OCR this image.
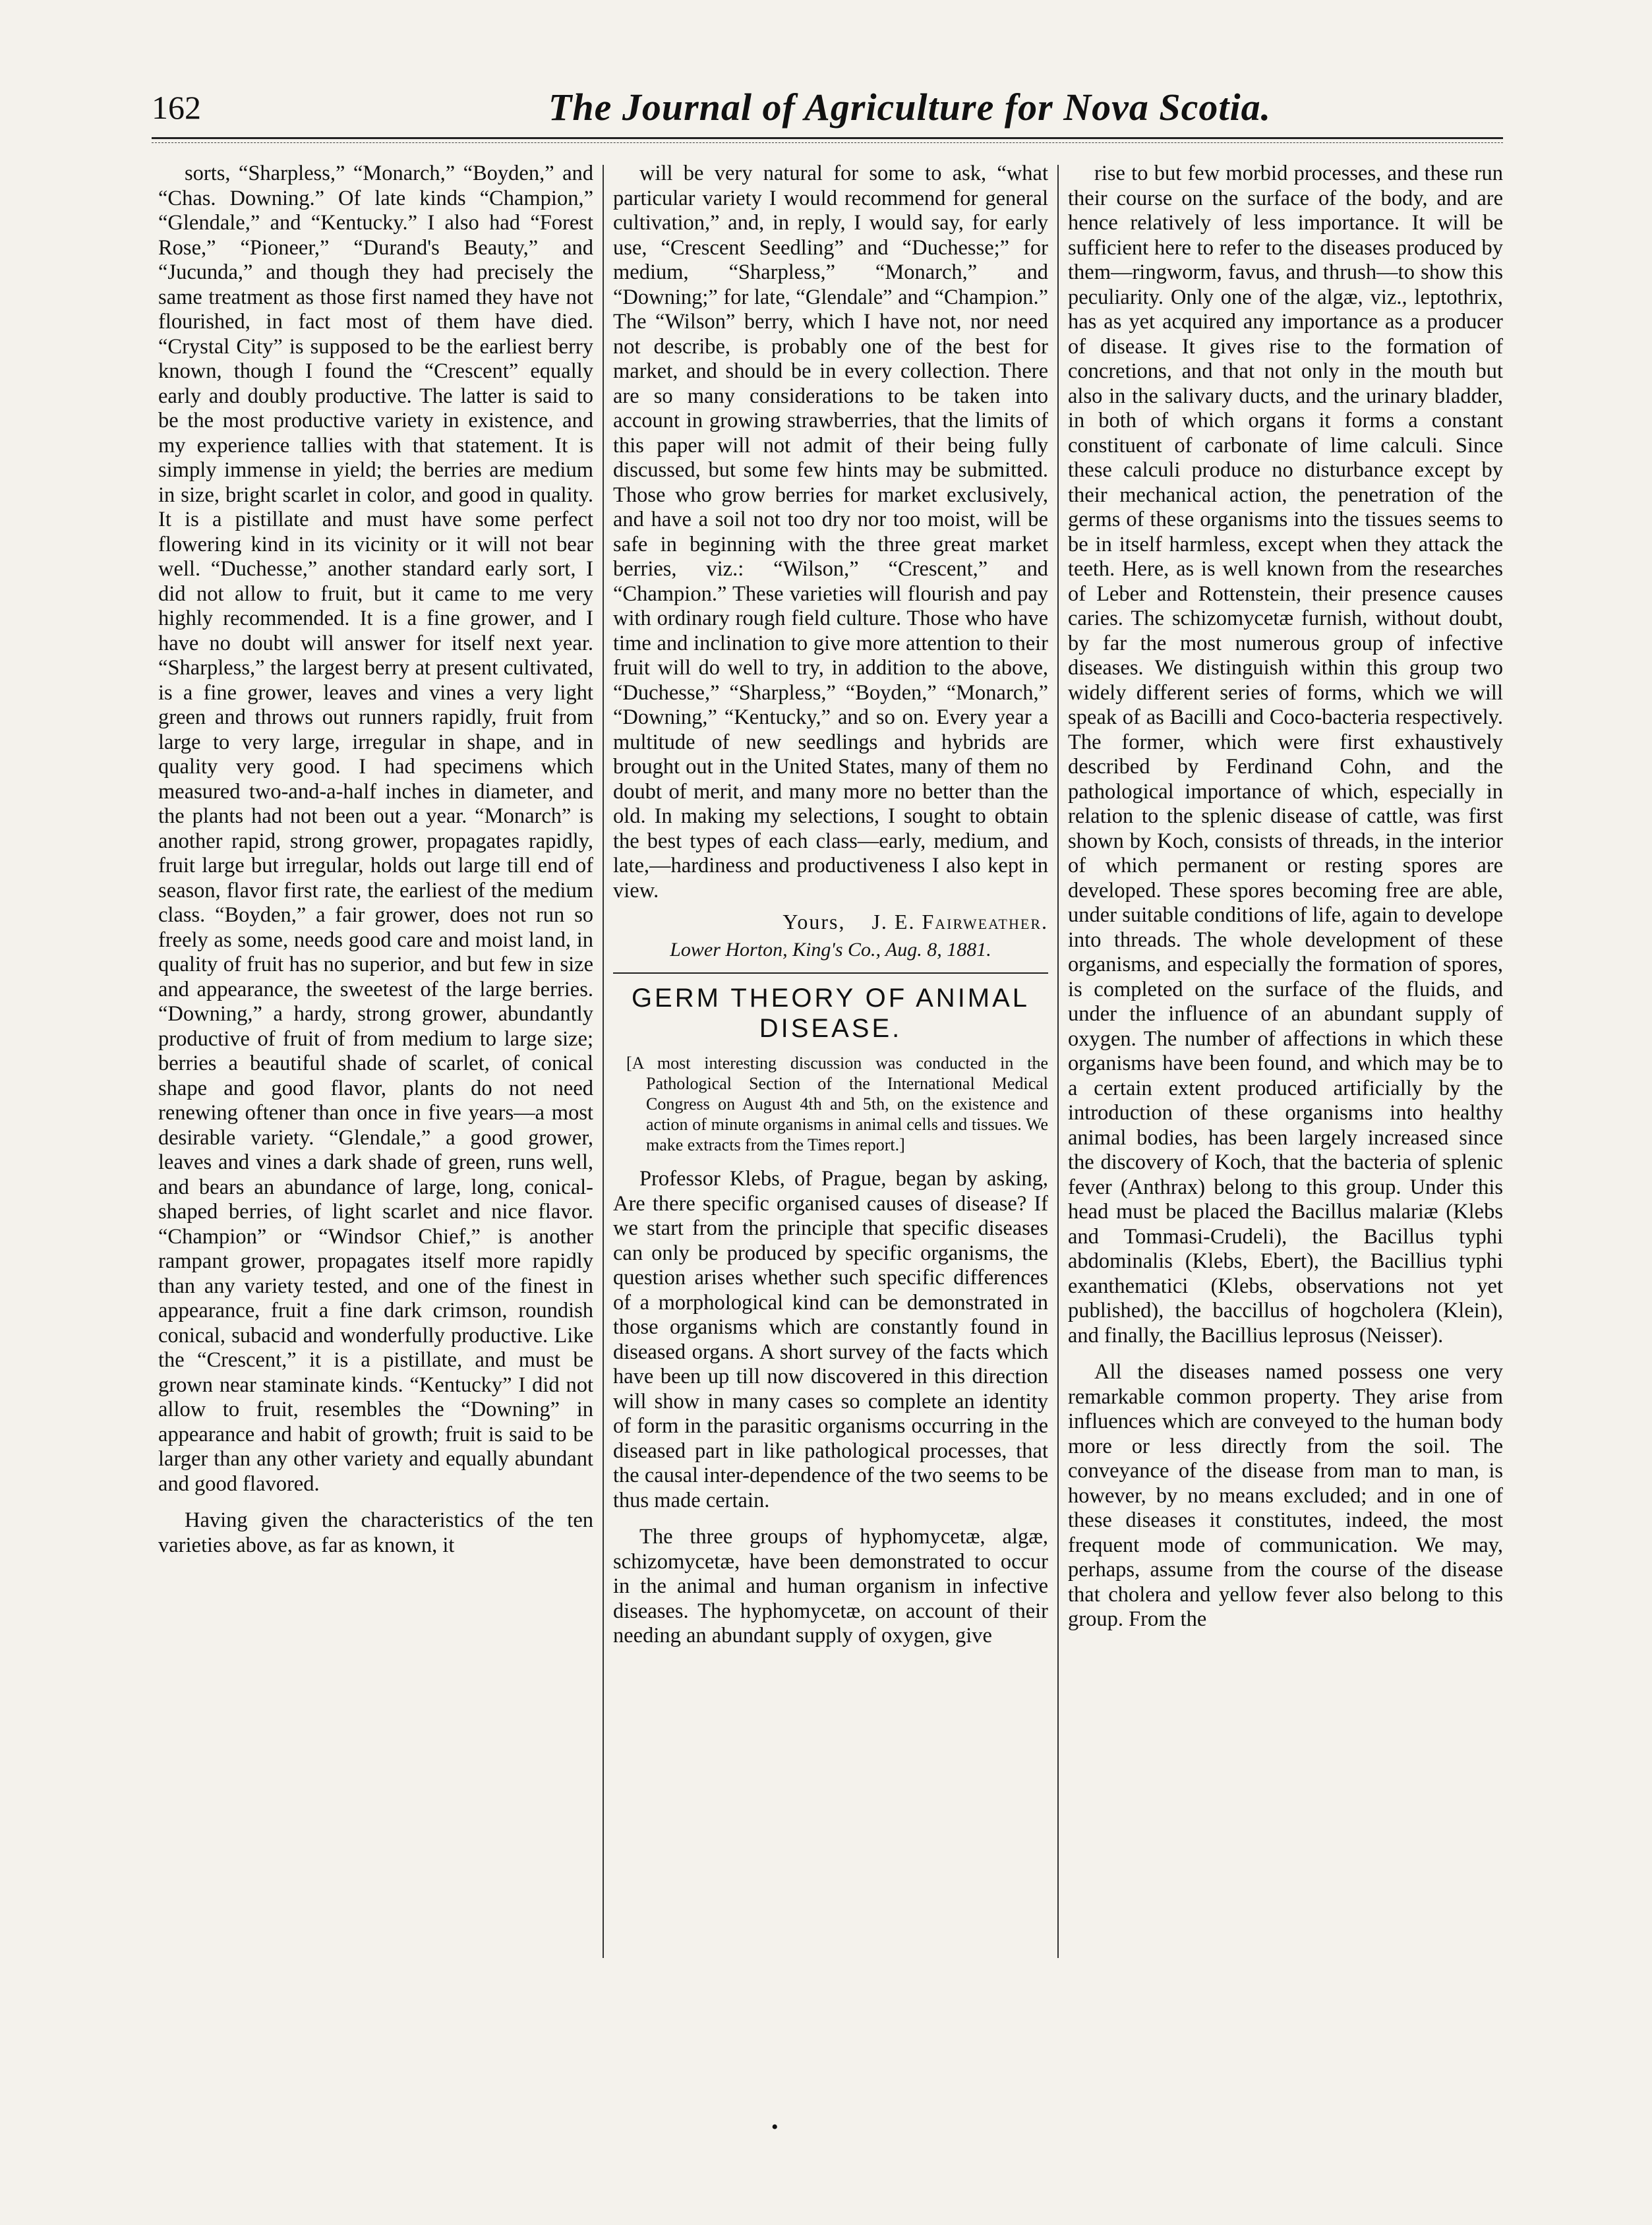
162	The Journal of Agriculture for Nova Scotia.

sorts, “Sharpless,” “Monarch,” “Boyden,” and “Chas. Downing.” Of late kinds “Champion,” “Glendale,” and “Kentucky.” I also had “Forest Rose,” “Pioneer,” “Durand's Beauty,” and “Jucunda,” and though they had precisely the same treatment as those first named they have not flourished, in fact most of them have died. “Crystal City” is supposed to be the earliest berry known, though I found the “Crescent” equally early and doubly productive. The latter is said to be the most productive variety in existence, and my experience tallies with that statement. It is simply immense in yield; the berries are medium in size, bright scarlet in color, and good in quality. It is a pistillate and must have some perfect flowering kind in its vicinity or it will not bear well. “Duchesse,” another standard early sort, I did not allow to fruit, but it came to me very highly recommended. It is a fine grower, and I have no doubt will answer for itself next year. “Sharpless,” the largest berry at present cultivated, is a fine grower, leaves and vines a very light green and throws out runners rapidly, fruit from large to very large, irregular in shape, and in quality very good. I had specimens which measured two-and-a-half inches in diameter, and the plants had not been out a year. “Monarch” is another rapid, strong grower, propagates rapidly, fruit large but irregular, holds out large till end of season, flavor first rate, the earliest of the medium class. “Boyden,” a fair grower, does not run so freely as some, needs good care and moist land, in quality of fruit has no superior, and but few in size and appearance, the sweetest of the large berries. “Downing,” a hardy, strong grower, abundantly productive of fruit of from medium to large size; berries a beautiful shade of scarlet, of conical shape and good flavor, plants do not need renewing oftener than once in five years—a most desirable variety. “Glendale,” a good grower, leaves and vines a dark shade of green, runs well, and bears an abundance of large, long, conical-shaped berries, of light scarlet and nice flavor. “Champion” or “Windsor Chief,” is another rampant grower, propagates itself more rapidly than any variety tested, and one of the finest in appearance, fruit a fine dark crimson, roundish conical, subacid and wonderfully productive. Like the “Crescent,” it is a pistillate, and must be grown near staminate kinds. “Kentucky” I did not allow to fruit, resembles the “Downing” in appearance and habit of growth; fruit is said to be larger than any other variety and equally abundant and good flavored.

Having given the characteristics of the ten varieties above, as far as known, it

will be very natural for some to ask, “what particular variety I would recommend for general cultivation,” and, in reply, I would say, for early use, “Crescent Seedling” and “Duchesse;” for medium, “Sharpless,” “Monarch,” and “Downing;” for late, “Glendale” and “Champion.” The “Wilson” berry, which I have not, nor need not describe, is probably one of the best for market, and should be in every collection. There are so many considerations to be taken into account in growing strawberries, that the limits of this paper will not admit of their being fully discussed, but some few hints may be submitted. Those who grow berries for market exclusively, and have a soil not too dry nor too moist, will be safe in beginning with the three great market berries, viz.: “Wilson,” “Crescent,” and “Champion.” These varieties will flourish and pay with ordinary rough field culture. Those who have time and inclination to give more attention to their fruit will do well to try, in addition to the above, “Duchesse,” “Sharpless,” “Boyden,” “Monarch,” “Downing,” “Kentucky,” and so on. Every year a multitude of new seedlings and hybrids are brought out in the United States, many of them no doubt of merit, and many more no better than the old. In making my selections, I sought to obtain the best types of each class—early, medium, and late,—hardiness and productiveness I also kept in view.

Yours, J. E. Fairweather.
Lower Horton, King's Co., Aug. 8, 1881.
GERM THEORY OF ANIMAL DISEASE.
[A most interesting discussion was conducted in the Pathological Section of the International Medical Congress on August 4th and 5th, on the existence and action of minute organisms in animal cells and tissues. We make extracts from the Times report.]

Professor Klebs, of Prague, began by asking, Are there specific organised causes of disease? If we start from the principle that specific diseases can only be produced by specific organisms, the question arises whether such specific differences of a morphological kind can be demonstrated in those organisms which are constantly found in diseased organs. A short survey of the facts which have been up till now discovered in this direction will show in many cases so complete an identity of form in the parasitic organisms occurring in the diseased part in like pathological processes, that the causal inter-dependence of the two seems to be thus made certain.

The three groups of hyphomycetæ, algæ, schizomycetæ, have been demonstrated to occur in the animal and human organism in infective diseases. The hyphomycetæ, on account of their needing an abundant supply of oxygen, give

rise to but few morbid processes, and these run their course on the surface of the body, and are hence relatively of less importance. It will be sufficient here to refer to the diseases produced by them—ringworm, favus, and thrush—to show this peculiarity. Only one of the algæ, viz., leptothrix, has as yet acquired any importance as a producer of disease. It gives rise to the formation of concretions, and that not only in the mouth but also in the salivary ducts, and the urinary bladder, in both of which organs it forms a constant constituent of carbonate of lime calculi. Since these calculi produce no disturbance except by their mechanical action, the penetration of the germs of these organisms into the tissues seems to be in itself harmless, except when they attack the teeth. Here, as is well known from the researches of Leber and Rottenstein, their presence causes caries. The schizomycetæ furnish, without doubt, by far the most numerous group of infective diseases. We distinguish within this group two widely different series of forms, which we will speak of as Bacilli and Coco-bacteria respectively. The former, which were first exhaustively described by Ferdinand Cohn, and the pathological importance of which, especially in relation to the splenic disease of cattle, was first shown by Koch, consists of threads, in the interior of which permanent or resting spores are developed. These spores becoming free are able, under suitable conditions of life, again to develope into threads. The whole development of these organisms, and especially the formation of spores, is completed on the surface of the fluids, and under the influence of an abundant supply of oxygen. The number of affections in which these organisms have been found, and which may be to a certain extent produced artificially by the introduction of these organisms into healthy animal bodies, has been largely increased since the discovery of Koch, that the bacteria of splenic fever (Anthrax) belong to this group. Under this head must be placed the Bacillus malariæ (Klebs and Tommasi-Crudeli), the Bacillus typhi abdominalis (Klebs, Ebert), the Bacillius typhi exanthematici (Klebs, observations not yet published), the baccillus of hogcholera (Klein), and finally, the Bacillius leprosus (Neisser).

All the diseases named possess one very remarkable common property. They arise from influences which are conveyed to the human body more or less directly from the soil. The conveyance of the disease from man to man, is however, by no means excluded; and in one of these diseases it constitutes, indeed, the most frequent mode of communication. We may, perhaps, assume from the course of the disease that cholera and yellow fever also belong to this group. From the

•
